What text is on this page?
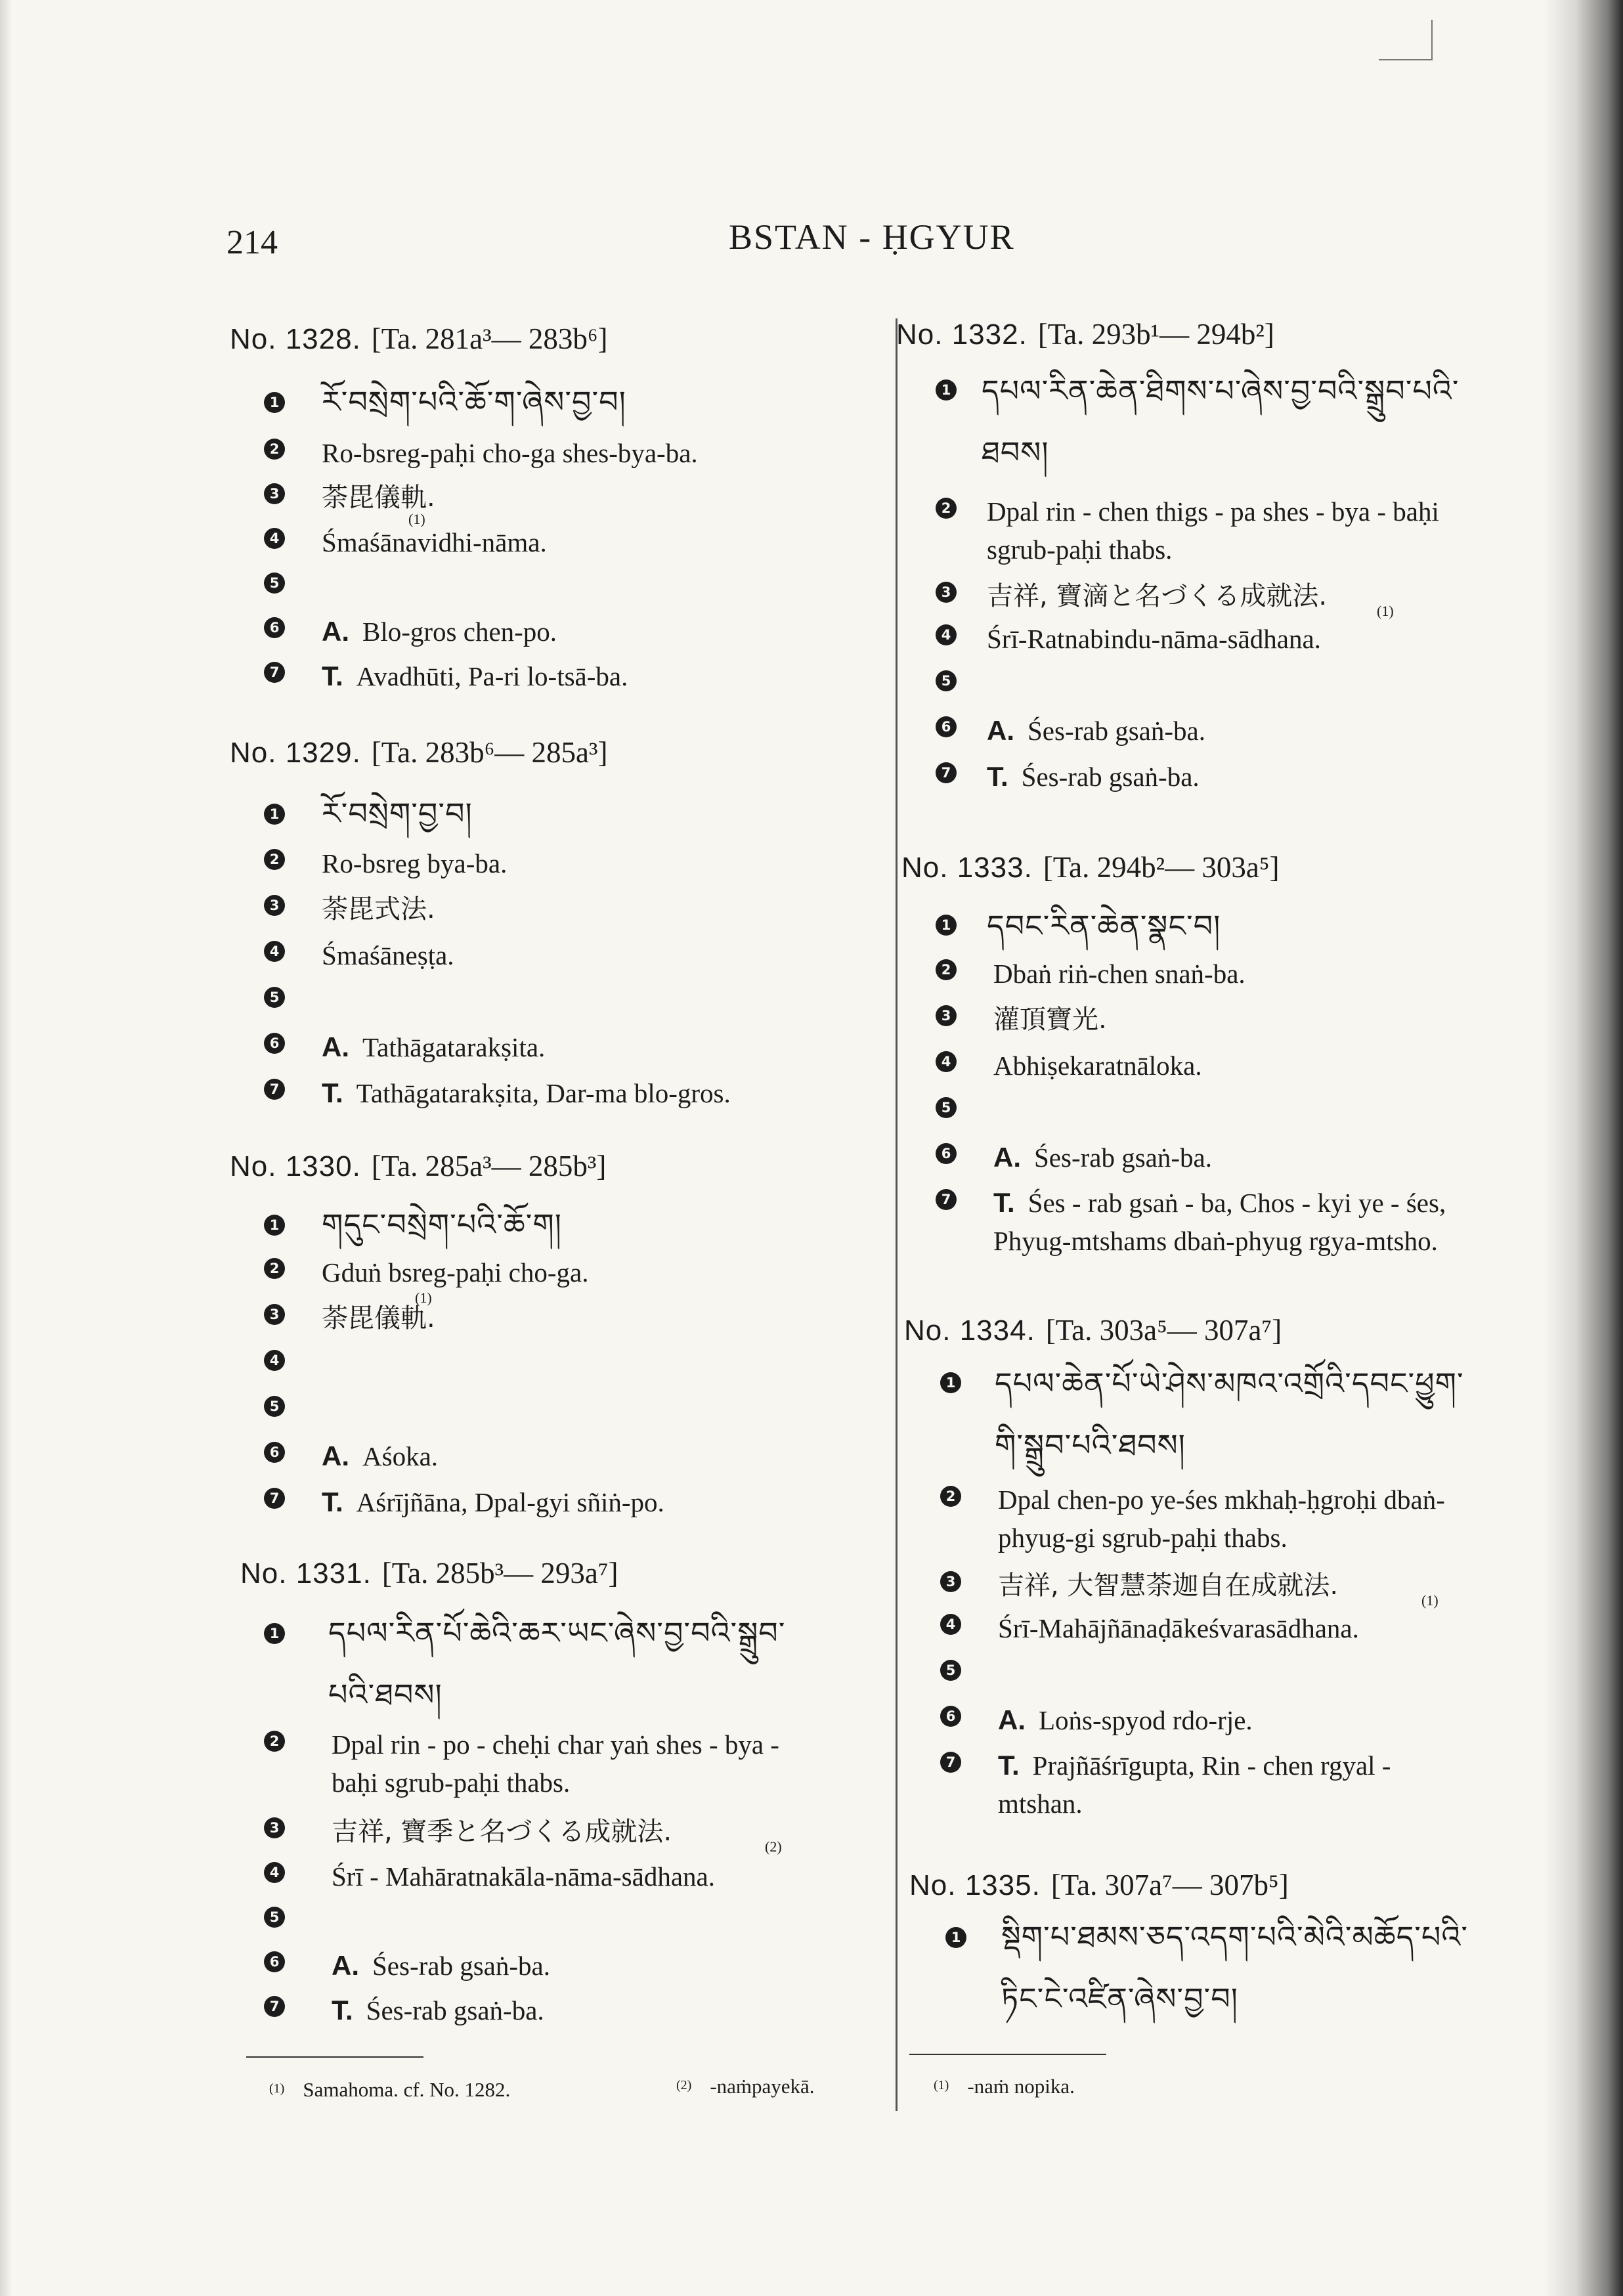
214	BSTAN - ḤGYUR
No. 1328. [Ta. 281a³— 283b⁶]
1 རོ་བསྲེག་པའི་ཆོ་ག་ཞེས་བྱ་བ།
2 Ro-bsreg-paḥi cho-ga shes-bya-ba.
3 荼毘儀軌.
(1)
4 Śmaśānavidhi-nāma.
5
6 A. Blo-gros chen-po.
7 T. Avadhūti, Pa-ri lo-tsā-ba.
No. 1329. [Ta. 283b⁶— 285a³]
1 རོ་བསྲེག་བྱ་བ།
2 Ro-bsreg bya-ba.
3 荼毘式法.
4 Śmaśāneṣṭa.
5
6 A. Tathāgatarakṣita.
7 T. Tathāgatarakṣita, Dar-ma blo-gros.
No. 1330. [Ta. 285a³— 285b³]
1 གདུང་བསྲེག་པའི་ཆོ་ག།
2 Gduṅ bsreg-paḥi cho-ga.
3 荼毘儀軌.
(1)
4
5
6 A. Aśoka.
7 T. Aśrījñāna, Dpal-gyi sñiṅ-po.
No. 1331. [Ta. 285b³— 293a⁷]
1 དཔལ་རིན་པོ་ཆེའི་ཆར་ཡང་ཞེས་བྱ་བའི་སྒྲུབ་
པའི་ཐབས།
2 Dpal rin - po - cheḥi char yaṅ shes - bya -
baḥi sgrub-paḥi thabs.
3 吉祥, 寶季と名づくる成就法.	(2)
4 Śrī - Mahāratnakāla-nāma-sādhana.
5
6 A. Śes-rab gsaṅ-ba.
7 T. Śes-rab gsaṅ-ba.
$^{(1)}$ Samahoma. cf. No. 1282.	$^{(2)}$ -naṁpayekā.
No. 1332. [Ta. 293b¹— 294b²]
1 དཔལ་རིན་ཆེན་ཐིགས་པ་ཞེས་བྱ་བའི་སྒྲུབ་པའི་
ཐབས།
2 Dpal rin - chen thigs - pa shes - bya - baḥi
sgrub-paḥi thabs.
3 吉祥, 寶滴と名づくる成就法.	(1)
4 Śrī-Ratnabindu-nāma-sādhana.
5
6 A. Śes-rab gsaṅ-ba.
7 T. Śes-rab gsaṅ-ba.
No. 1333. [Ta. 294b²— 303a⁵]
1 དབང་རིན་ཆེན་སྣང་བ།
2 Dbaṅ riṅ-chen snaṅ-ba.
3 灌頂寶光.
4 Abhiṣekaratnāloka.
5
6 A. Śes-rab gsaṅ-ba.
7 T. Śes - rab gsaṅ - ba, Chos - kyi ye - śes,
Phyug-mtshams dbaṅ-phyug rgya-mtsho.
No. 1334. [Ta. 303a⁵— 307a⁷]
1 དཔལ་ཆེན་པོ་ཡེ་ཤེས་མཁའ་འགྲོའི་དབང་ཕྱུག་
གི་སྒྲུབ་པའི་ཐབས།
2 Dpal chen-po ye-śes mkhaḥ-ḥgroḥi dbaṅ-
phyug-gi sgrub-paḥi thabs.
3 吉祥, 大智慧荼迦自在成就法.	(1)
4 Śrī-Mahājñānaḍākeśvarasādhana.
5
6 A. Loṅs-spyod rdo-rje.
7 T. Prajñāśrīgupta, Rin - chen rgyal -
mtshan.
No. 1335. [Ta. 307a⁷— 307b⁵]
1 སྡིག་པ་ཐམས་ཅད་འདག་པའི་མེའི་མཆོད་པའི་
ཏིང་ངེ་འཛིན་ཞེས་བྱ་བ།
$^{(1)}$ -naṁ nopika.
